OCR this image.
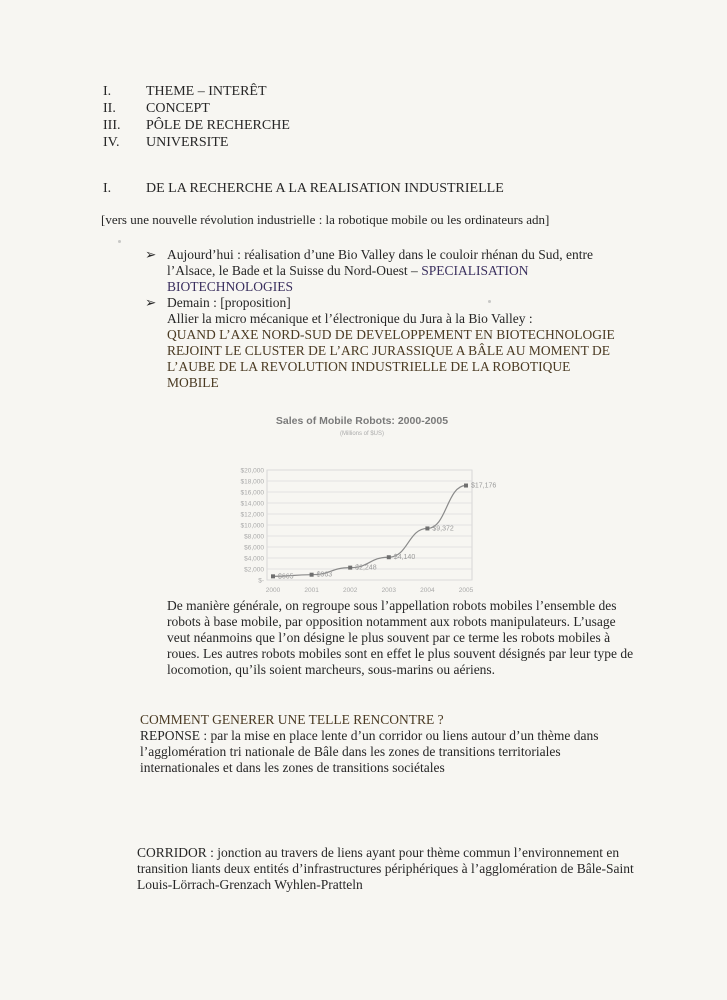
I. THEME – INTERÊT
II. CONCEPT
III. PÔLE DE RECHERCHE
IV. UNIVERSITE
I. DE LA RECHERCHE A LA REALISATION INDUSTRIELLE
[vers une nouvelle révolution industrielle : la robotique mobile ou les ordinateurs adn]
➢ Aujourd’hui : réalisation d’une Bio Valley dans le couloir rhénan du Sud, entre l’Alsace, le Bade et la Suisse du Nord-Ouest – SPECIALISATION BIOTECHNOLOGIES
➢ Demain : [proposition]
Allier la micro mécanique et l’électronique du Jura à la Bio Valley :
QUAND L’AXE NORD-SUD DE DEVELOPPEMENT EN BIOTECHNOLOGIE REJOINT LE CLUSTER DE L’ARC JURASSIQUE A BÂLE AU MOMENT DE L’AUBE DE LA REVOLUTION INDUSTRIELLE DE LA ROBOTIQUE MOBILE
Sales of Mobile Robots: 2000-2005
(Millions of $US)
$20,000
$18,000
$16,000
$14,000
$12,000
$10,000
$8,000
$6,000
$4,000
$2,000
$-
2000	2001	2002	2003	2004	2005
$665	$963
$2,248
$4,140
$9,372
$17,176
De manière générale, on regroupe sous l’appellation robots mobiles l’ensemble des robots à base mobile, par opposition notamment aux robots manipulateurs. L’usage veut néanmoins que l’on désigne le plus souvent par ce terme les robots mobiles à roues. Les autres robots mobiles sont en effet le plus souvent désignés par leur type de locomotion, qu’ils soient marcheurs, sous-marins ou aériens.
COMMENT GENERER UNE TELLE RENCONTRE ?
REPONSE : par la mise en place lente d’un corridor ou liens autour d’un thème dans l’agglomération tri nationale de Bâle dans les zones de transitions territoriales internationales et dans les zones de transitions sociétales
CORRIDOR : jonction au travers de liens ayant pour thème commun l’environnement en transition liants deux entités d’infrastructures périphériques à l’agglomération de Bâle-Saint Louis-Lörrach-Grenzach Wyhlen-Pratteln
